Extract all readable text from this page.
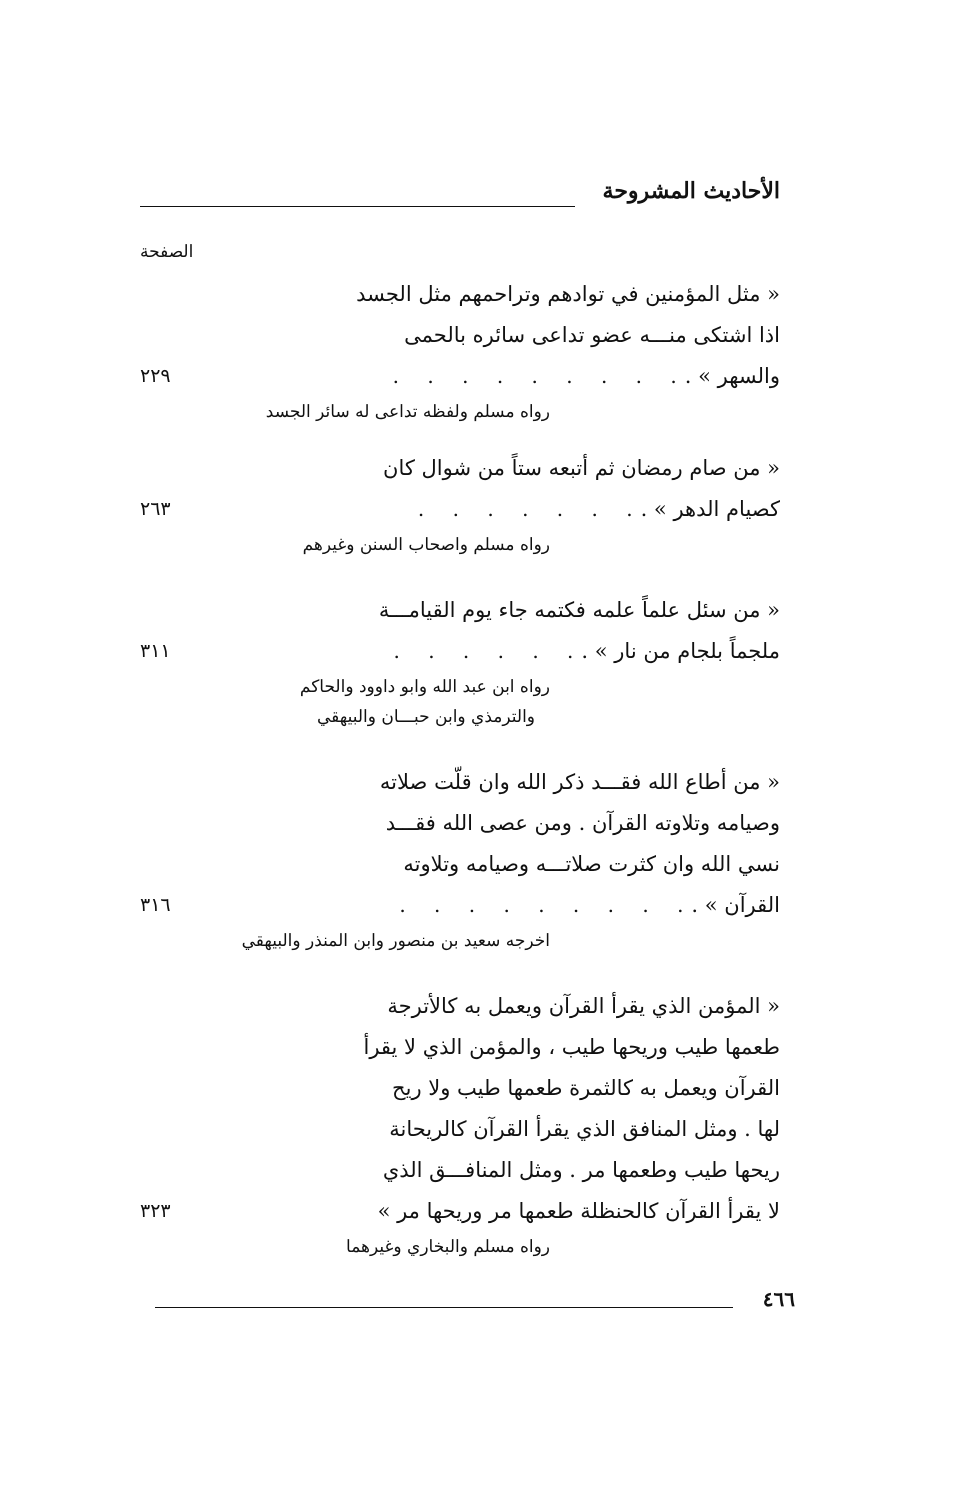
الأحاديث المشروحة
الصفحة
« مثل المؤمنين في توادهم وتراحمهم مثل الجسد
اذا اشتكى منـــه عضو تداعى سائره بالحمى
والسهر » .. . . . . . . . .
٢٢٩
رواه مسلم ولفظه تداعى له سائر الجسد
« من صام رمضان ثم أتبعه ستاً من شوال كان
كصيام الدهر » .. . . . . . .
٢٦٣
رواه مسلم واصحاب السنن وغيرهم
« من سئل علماً علمه فكتمه جاء يوم القيامـــة
ملجماً بلجام من نار » .. . . . . .
٣١١
رواه ابن عبد الله وابو داوود والحاكم
والترمذي وابن حبـــان والبيهقي
« من أطاع الله فقـــد ذكر الله وان قلّت صلاته
وصيامه وتلاوته القرآن . ومن عصى الله فقـــد
نسي الله وان كثرت صلاتـــه وصيامه وتلاوته
القرآن » .. . . . . . . . .
٣١٦
اخرجه سعيد بن منصور وابن المنذر والبيهقي
« المؤمن الذي يقرأ القرآن ويعمل به كالأترجة
طعمها طيب وريحها طيب ، والمؤمن الذي لا يقرأ
القرآن ويعمل به كالثمرة طعمها طيب ولا ريح
لها . ومثل المنافق الذي يقرأ القرآن كالريحانة
ريحها طيب وطعمها مر . ومثل المنافـــق الذي
لا يقرأ القرآن كالحنظلة طعمها مر وريحها مر »
٣٢٣
رواه مسلم والبخاري وغيرهما
٤٦٦
